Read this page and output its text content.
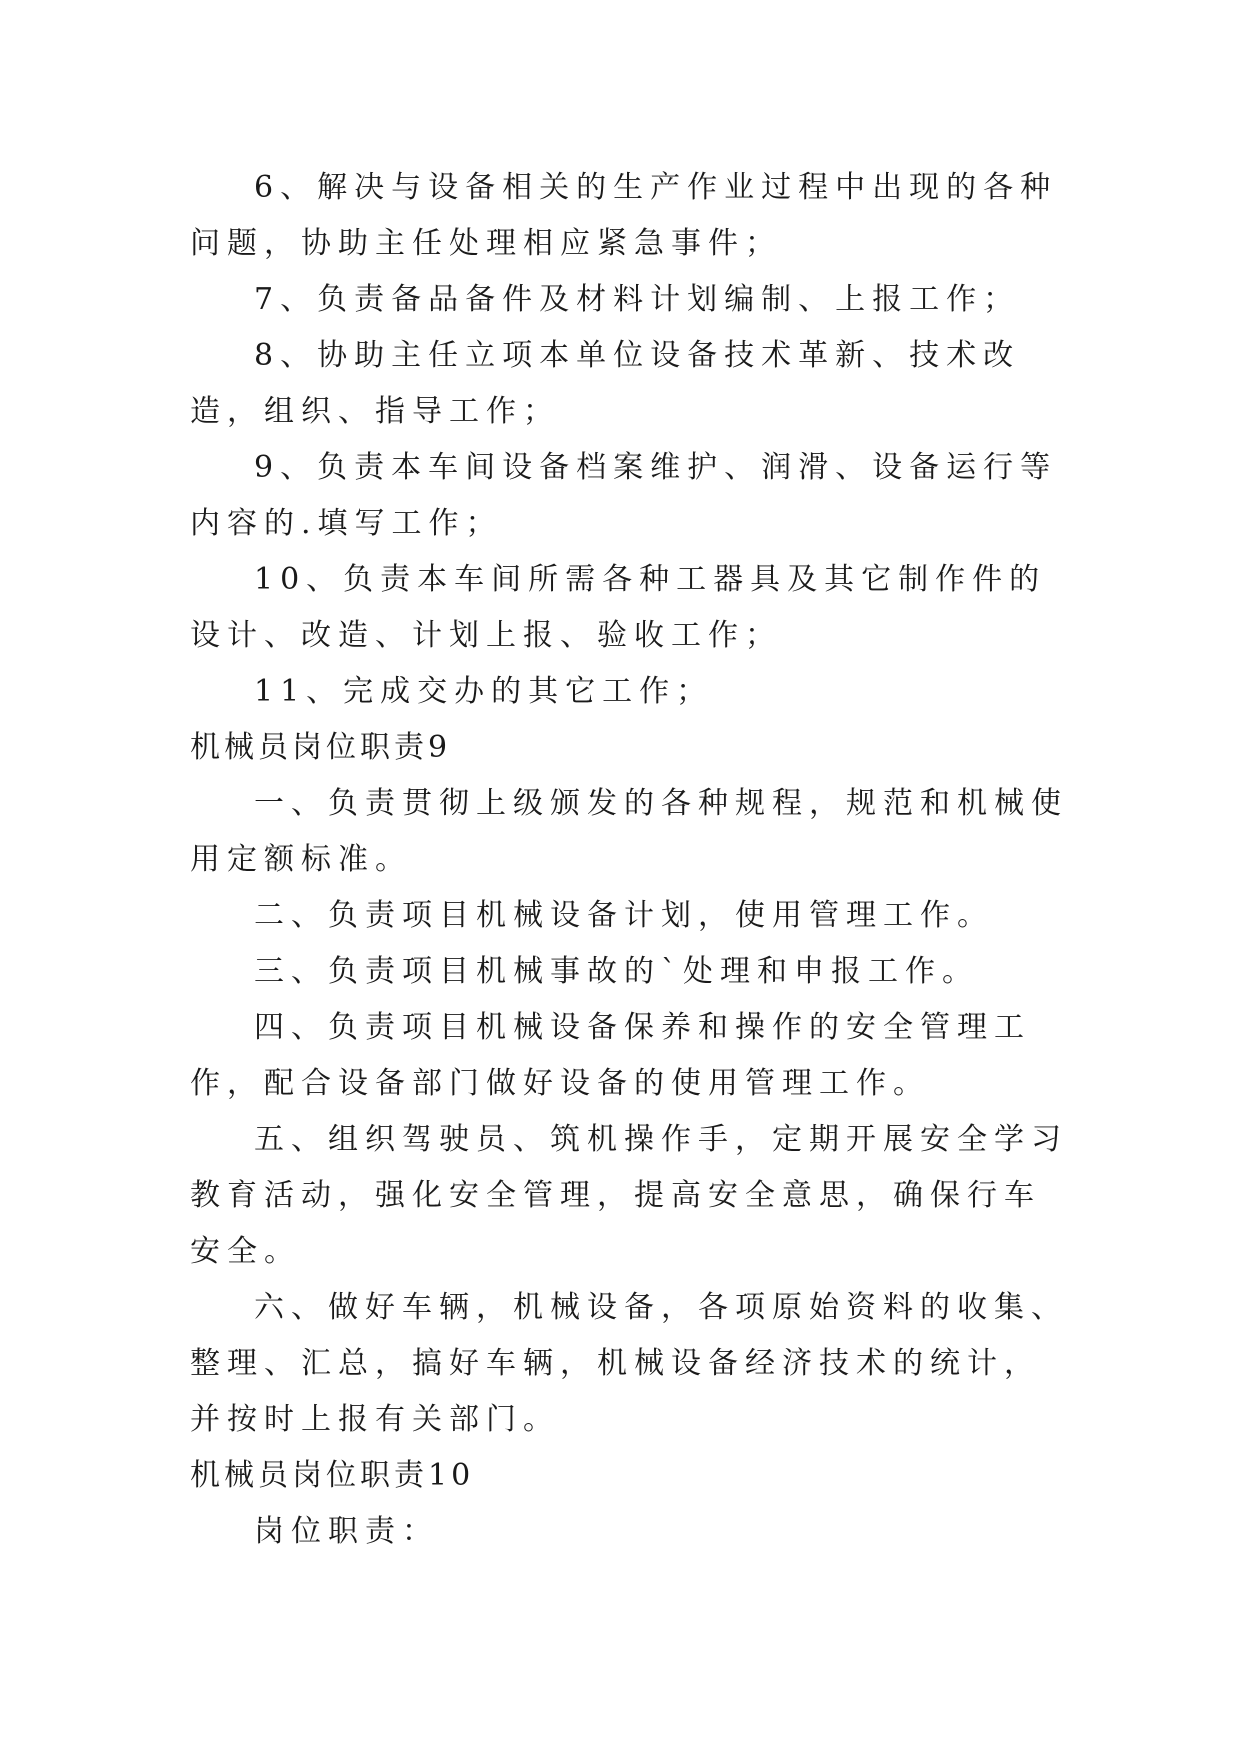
6、解决与设备相关的生产作业过程中出现的各种问题，协助主任处理相应紧急事件；

7、负责备品备件及材料计划编制、上报工作；

8、协助主任立项本单位设备技术革新、技术改造，组织、指导工作；

9、负责本车间设备档案维护、润滑、设备运行等内容的.填写工作；

10、负责本车间所需各种工器具及其它制作件的设计、改造、计划上报、验收工作；

11、完成交办的其它工作；

机械员岗位职责9

一、负责贯彻上级颁发的各种规程，规范和机械使用定额标准。

二、负责项目机械设备计划，使用管理工作。

三、负责项目机械事故的`处理和申报工作。

四、负责项目机械设备保养和操作的安全管理工作，配合设备部门做好设备的使用管理工作。

五、组织驾驶员、筑机操作手，定期开展安全学习教育活动，强化安全管理，提高安全意思，确保行车安全。

六、做好车辆，机械设备，各项原始资料的收集、整理、汇总，搞好车辆，机械设备经济技术的统计，并按时上报有关部门。

机械员岗位职责10

岗位职责：
